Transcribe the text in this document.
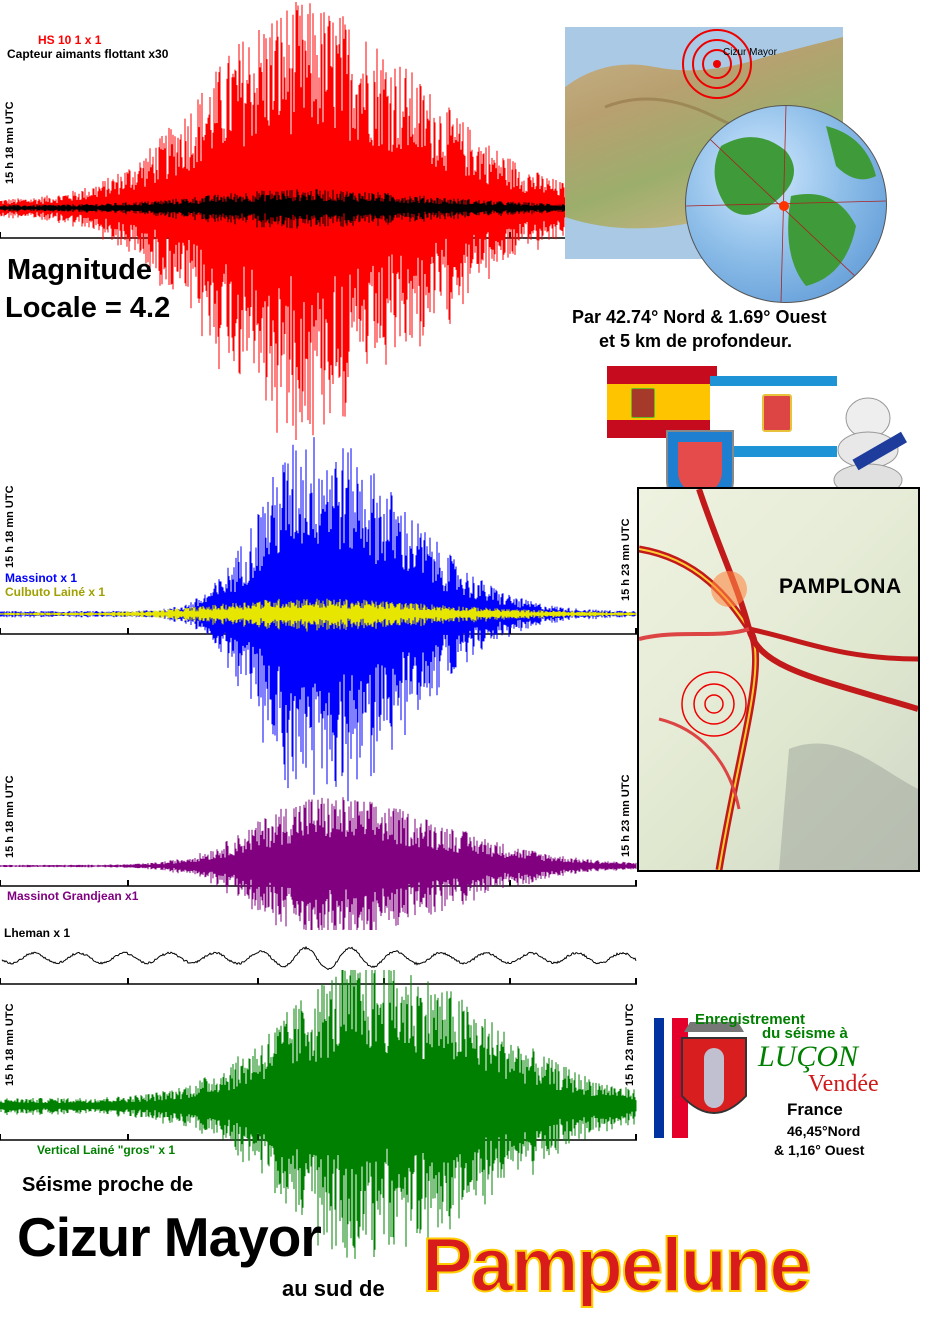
HS 10 1 x 1
Capteur aimants flottant x30
15 h 18 mn UTC
15 h 18 mn UTC	15 h 23 mn UTC
15 h 18 mn UTC	15 h 23 mn UTC
15 h 18 mn UTC	15 h 23 mn UTC
Magnitude
Locale = 4.2
Massinot x 1
Culbuto Lainé x 1
Massinot Grandjean x1
Lheman x 1
Vertical Lainé "gros" x 1
Cizur Mayor
Par 42.74° Nord & 1.69° Ouest
et 5 km de profondeur.
PAMPLONA
Enregistrement
du séisme à
LUÇON
Vendée
France
46,45°Nord
& 1,16° Ouest
Séisme proche de
Cizur Mayor
au sud de Pampelune
